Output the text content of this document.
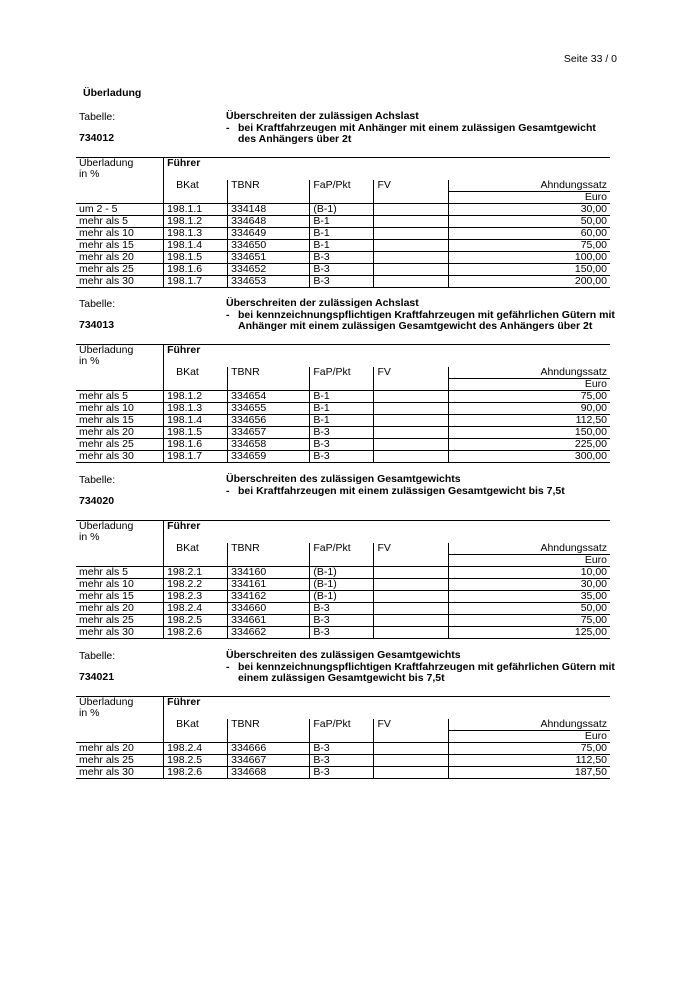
Seite 33 / 0
Überladung
Tabelle:
734012
Überschreiten der zulässigen Achslast
- bei Kraftfahrzeugen mit Anhänger mit einem zulässigen Gesamtgewicht des Anhängers über 2t
Überladung	Führer				
in %					
	BKat	TBNR	FaP/Pkt	FV	Ahndungssatz
					Euro
um 2 - 5	198.1.1	334148	(B-1)		30,00
mehr als 5	198.1.2	334648	B-1		50,00
mehr als 10	198.1.3	334649	B-1		60,00
mehr als 15	198.1.4	334650	B-1		75,00
mehr als 20	198.1.5	334651	B-3		100,00
mehr als 25	198.1.6	334652	B-3		150,00
mehr als 30	198.1.7	334653	B-3		200,00
Tabelle:
734013
Überschreiten der zulässigen Achslast
- bei kennzeichnungspflichtigen Kraftfahrzeugen mit gefährlichen Gütern mit Anhänger mit einem zulässigen Gesamtgewicht des Anhängers über 2t
Überladung	Führer				
in %					
	BKat	TBNR	FaP/Pkt	FV	Ahndungssatz
					Euro
mehr als 5	198.1.2	334654	B-1		75,00
mehr als 10	198.1.3	334655	B-1		90,00
mehr als 15	198.1.4	334656	B-1		112,50
mehr als 20	198.1.5	334657	B-3		150,00
mehr als 25	198.1.6	334658	B-3		225,00
mehr als 30	198.1.7	334659	B-3		300,00
Tabelle:
734020
Überschreiten des zulässigen Gesamtgewichts
- bei Kraftfahrzeugen mit einem zulässigen Gesamtgewicht bis 7,5t
Überladung	Führer				
in %					
	BKat	TBNR	FaP/Pkt	FV	Ahndungssatz
					Euro
mehr als 5	198.2.1	334160	(B-1)		10,00
mehr als 10	198.2.2	334161	(B-1)		30,00
mehr als 15	198.2.3	334162	(B-1)		35,00
mehr als 20	198.2.4	334660	B-3		50,00
mehr als 25	198.2.5	334661	B-3		75,00
mehr als 30	198.2.6	334662	B-3		125,00
Tabelle:
734021
Überschreiten des zulässigen Gesamtgewichts
- bei kennzeichnungspflichtigen Kraftfahrzeugen mit gefährlichen Gütern mit einem zulässigen Gesamtgewicht bis 7,5t
Überladung	Führer				
in %					
	BKat	TBNR	FaP/Pkt	FV	Ahndungssatz
					Euro
mehr als 20	198.2.4	334666	B-3		75,00
mehr als 25	198.2.5	334667	B-3		112,50
mehr als 30	198.2.6	334668	B-3		187,50
